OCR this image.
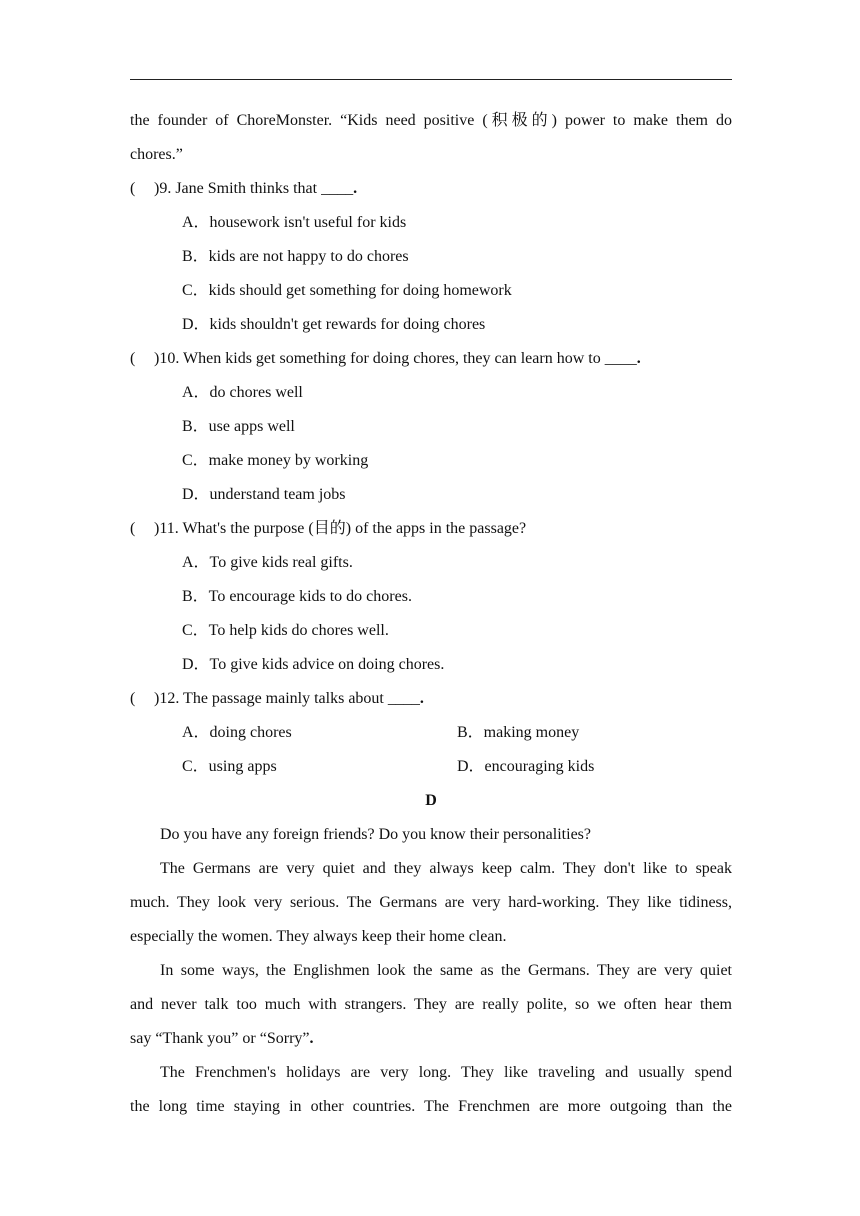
the founder of ChoreMonster. “Kids need positive (积极的) power to make them do
chores.”
( )9. Jane Smith thinks that ____.
A．housework isn't useful for kids
B．kids are not happy to do chores
C．kids should get something for doing homework
D．kids shouldn't get rewards for doing chores
( )10. When kids get something for doing chores, they can learn how to ____.
A．do chores well
B．use apps well
C．make money by working
D．understand team jobs
( )11. What's the purpose (目的) of the apps in the passage?
A．To give kids real gifts.
B．To encourage kids to do chores.
C．To help kids do chores well.
D．To give kids advice on doing chores.
( )12. The passage mainly talks about ____.
A．doing chores	B．making money
C．using apps	D．encouraging kids
D
Do you have any foreign friends? Do you know their personalities?
The Germans are very quiet and they always keep calm. They don't like to speak
much. They look very serious. The Germans are very hard-working. They like tidiness,
especially the women. They always keep their home clean.
In some ways, the Englishmen look the same as the Germans. They are very quiet
and never talk too much with strangers. They are really polite, so we often hear them
say “Thank you” or “Sorry”.
The Frenchmen's holidays are very long. They like traveling and usually spend
the long time staying in other countries. The Frenchmen are more outgoing than the
